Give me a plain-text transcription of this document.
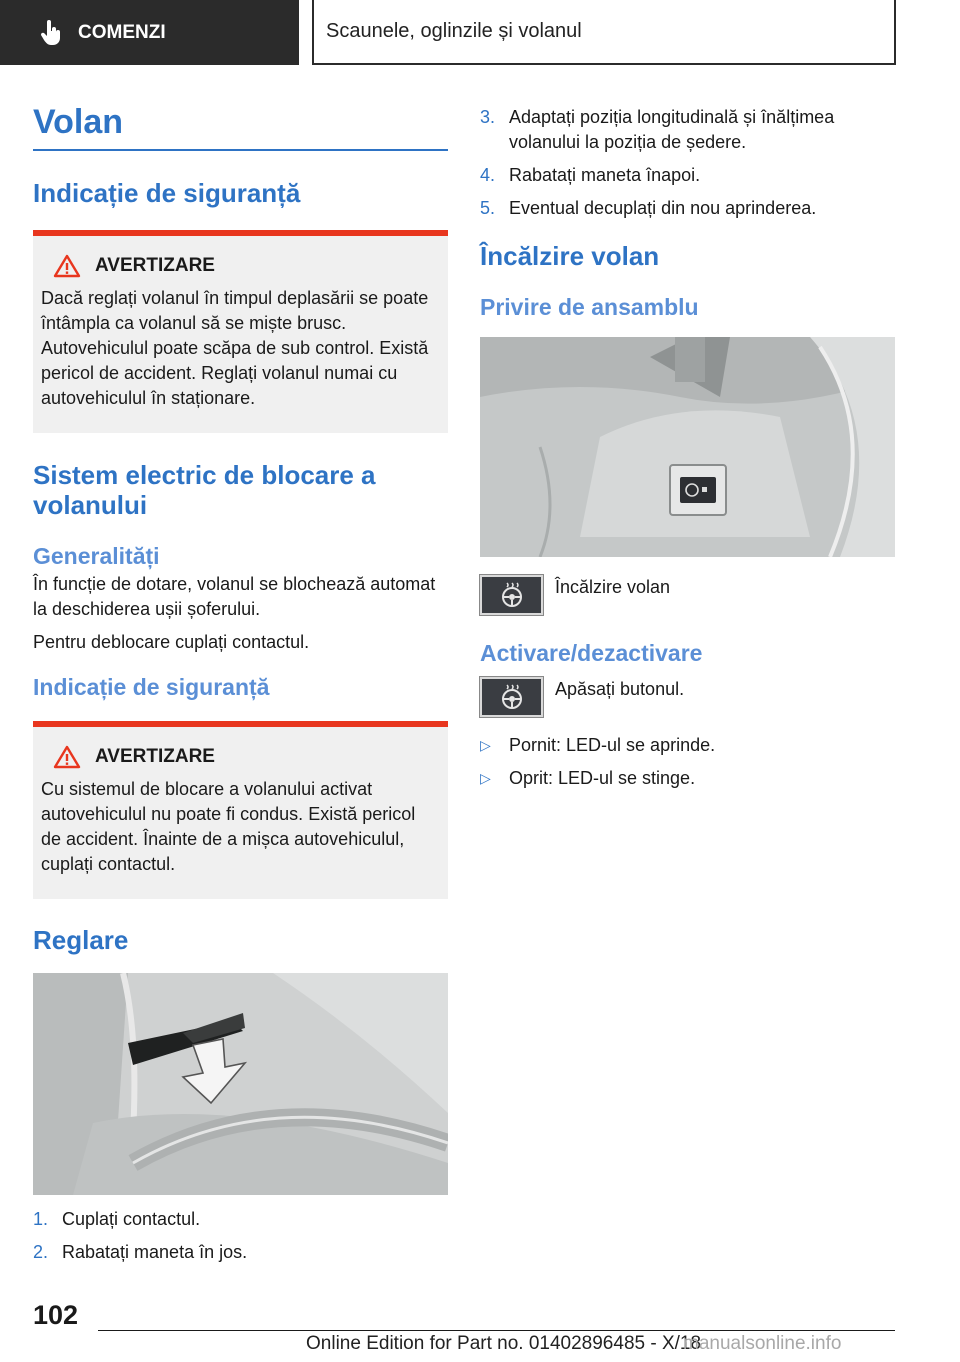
COMENZI	Scaunele, oglinzile și volanul
Volan
Indicație de siguranță
AVERTIZARE
Dacă reglați volanul în timpul deplasării se poate întâmpla ca volanul să se miște brusc. Autovehiculul poate scăpa de sub control. Există pericol de accident. Reglați volanul numai cu autovehiculul în staționare.
Sistem electric de blocare a volanului
Generalități
În funcție de dotare, volanul se blochează automat la deschiderea ușii șoferului.
Pentru deblocare cuplați contactul.
Indicație de siguranță
AVERTIZARE
Cu sistemul de blocare a volanului activat autovehiculul nu poate fi condus. Există pericol de accident. Înainte de a mișca autovehiculul, cuplați contactul.
Reglare
1. Cuplați contactul.
2. Rabatați maneta în jos.
3. Adaptați poziția longitudinală și înălțimea volanului la poziția de ședere.
4. Rabatați maneta înapoi.
5. Eventual decuplați din nou aprinderea.
Încălzire volan
Privire de ansamblu
Încălzire volan
Activare/dezactivare
Apăsați butonul.
▷	Pornit: LED-ul se aprinde.
▷	Oprit: LED-ul se stinge.
102
Online Edition for Part no. 01402896485 - X/18
manualsonline.info
